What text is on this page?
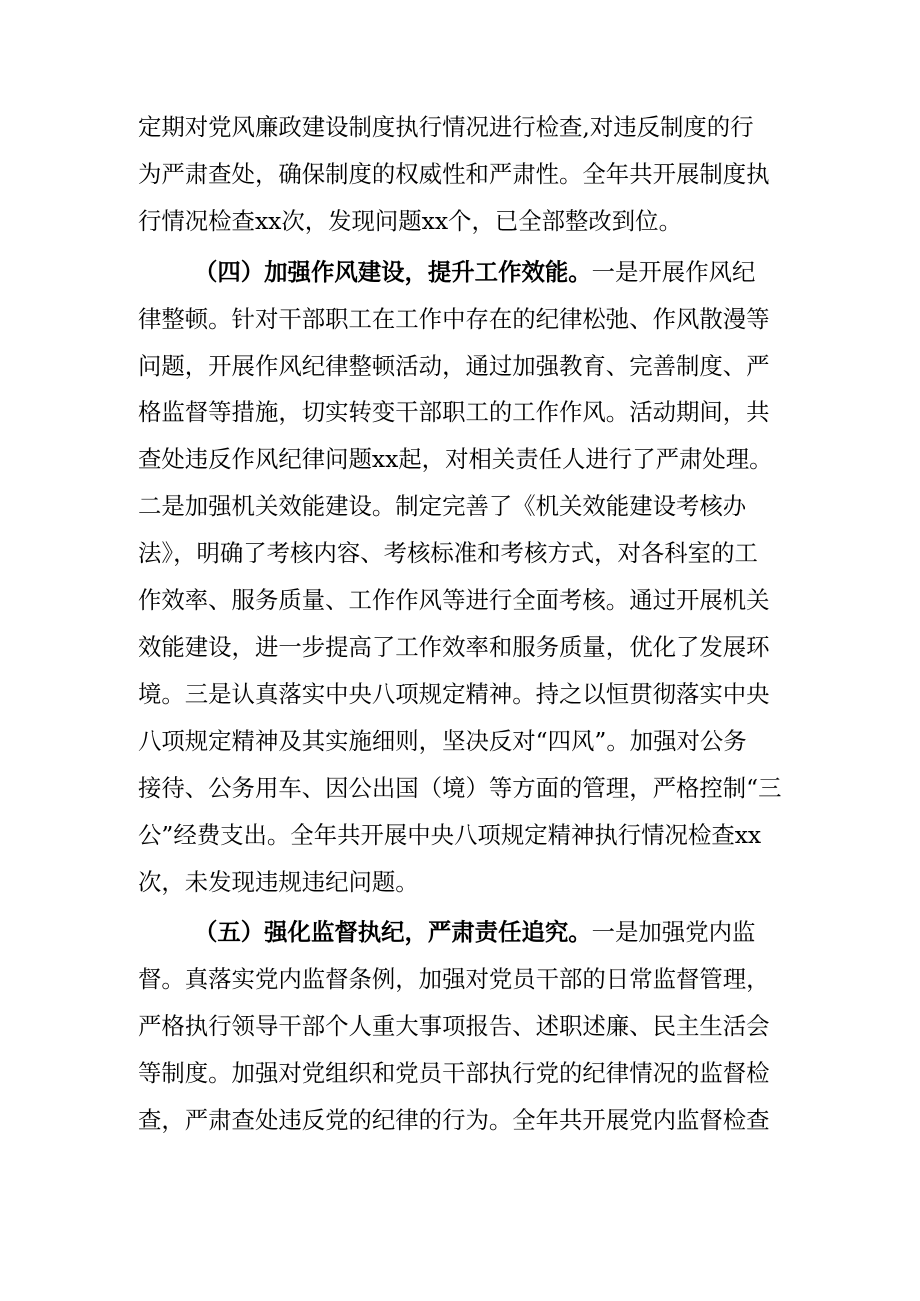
定期对党风廉政建设制度执行情况进行检查,对违反制度的行
为严肃查处，确保制度的权威性和严肃性。全年共开展制度执
行情况检查xx次，发现问题xx个，已全部整改到位。

（四）加强作风建设，提升工作效能。一是开展作风纪
律整顿。针对干部职工在工作中存在的纪律松弛、作风散漫等
问题，开展作风纪律整顿活动，通过加强教育、完善制度、严
格监督等措施，切实转变干部职工的工作作风。活动期间，共
查处违反作风纪律问题xx起，对相关责任人进行了严肃处理。
二是加强机关效能建设。制定完善了《机关效能建设考核办
法》，明确了考核内容、考核标准和考核方式，对各科室的工
作效率、服务质量、工作作风等进行全面考核。通过开展机关
效能建设，进一步提高了工作效率和服务质量，优化了发展环
境。三是认真落实中央八项规定精神。持之以恒贯彻落实中央
八项规定精神及其实施细则，坚决反对“四风”。加强对公务
接待、公务用车、因公出国（境）等方面的管理，严格控制“三
公”经费支出。全年共开展中央八项规定精神执行情况检查xx
次，未发现违规违纪问题。

（五）强化监督执纪，严肃责任追究。一是加强党内监
督。真落实党内监督条例，加强对党员干部的日常监督管理，
严格执行领导干部个人重大事项报告、述职述廉、民主生活会
等制度。加强对党组织和党员干部执行党的纪律情况的监督检
查，严肃查处违反党的纪律的行为。全年共开展党内监督检查
